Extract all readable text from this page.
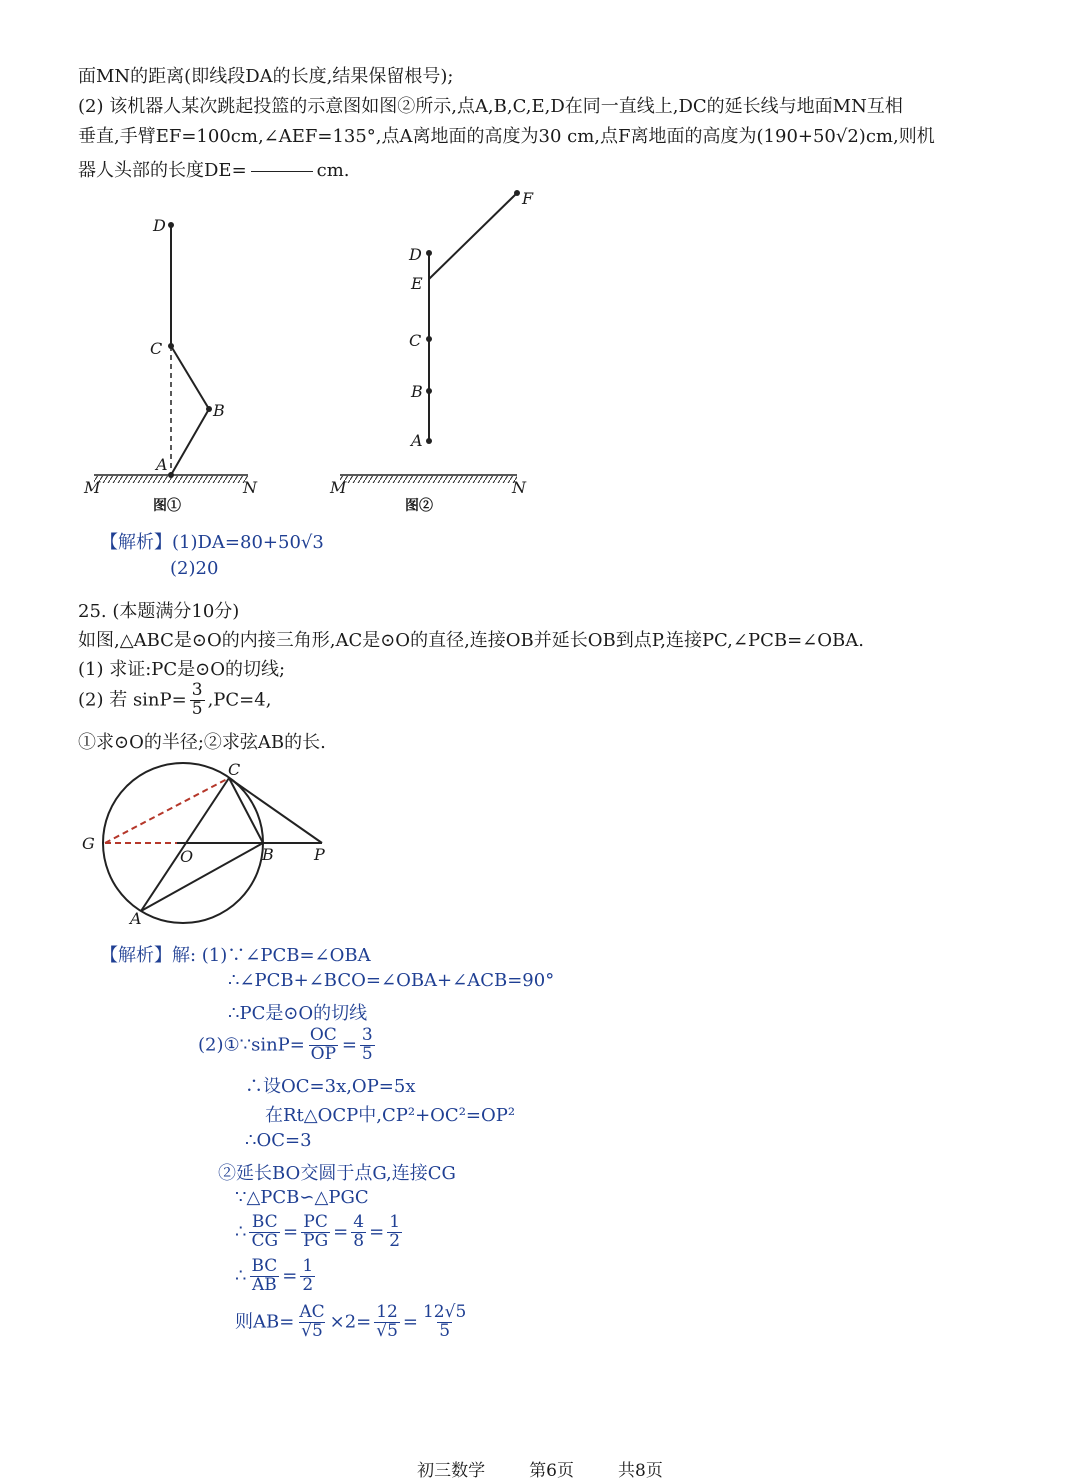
面MN的距离(即线段DA的长度,结果保留根号);
(2) 该机器人某次跳起投篮的示意图如图②所示,点A,B,C,E,D在同一直线上,DC的延长线与地面MN互相
垂直,手臂EF=100cm,∠AEF=135°,点A离地面的高度为30 cm,点F离地面的高度为(190+50√2)cm,则机
器人头部的长度DE=	cm.
D
C
B
A
M	N
图①
F
D
E
C
B
A
M	N
图②
【解析】(1)DA=80+50√3
(2)20
25. (本题满分10分)
如图,△ABC是⊙O的内接三角形,AC是⊙O的直径,连接OB并延长OB到点P,连接PC,∠PCB=∠OBA.
(1) 求证:PC是⊙O的切线;
(2) 若 $\sin P= \frac{3}{5} ,PC=4$,
①求⊙O的半径;②求弦AB的长.
C
G
O	B	P
A
【解析】解: (1)∵∠PCB=∠OBA
∴∠PCB+∠BCO=∠OBA+∠ACB=90°
∴PC是⊙O的切线
(2)①∵sinP= $\frac{OC}{OP} = \frac{3}{5}$
∴设OC=3x,OP=5x
在Rt△OCP中,CP²+OC²=OP²
∴OC=3
②延长BO交圆于点G,连接CG
∵△PCB∽△PGC
∴ $\frac{BC}{CG} = \frac{PC}{PG} = \frac{4}{8} = \frac{1}{2}$
∴ $\frac{BC}{AB} = \frac{1}{2}$
则$AB= \frac{AC}{√5} \times 2= \frac{12}{√5} = \frac{12√5}{5}$
初三数学	第6页	共8页
